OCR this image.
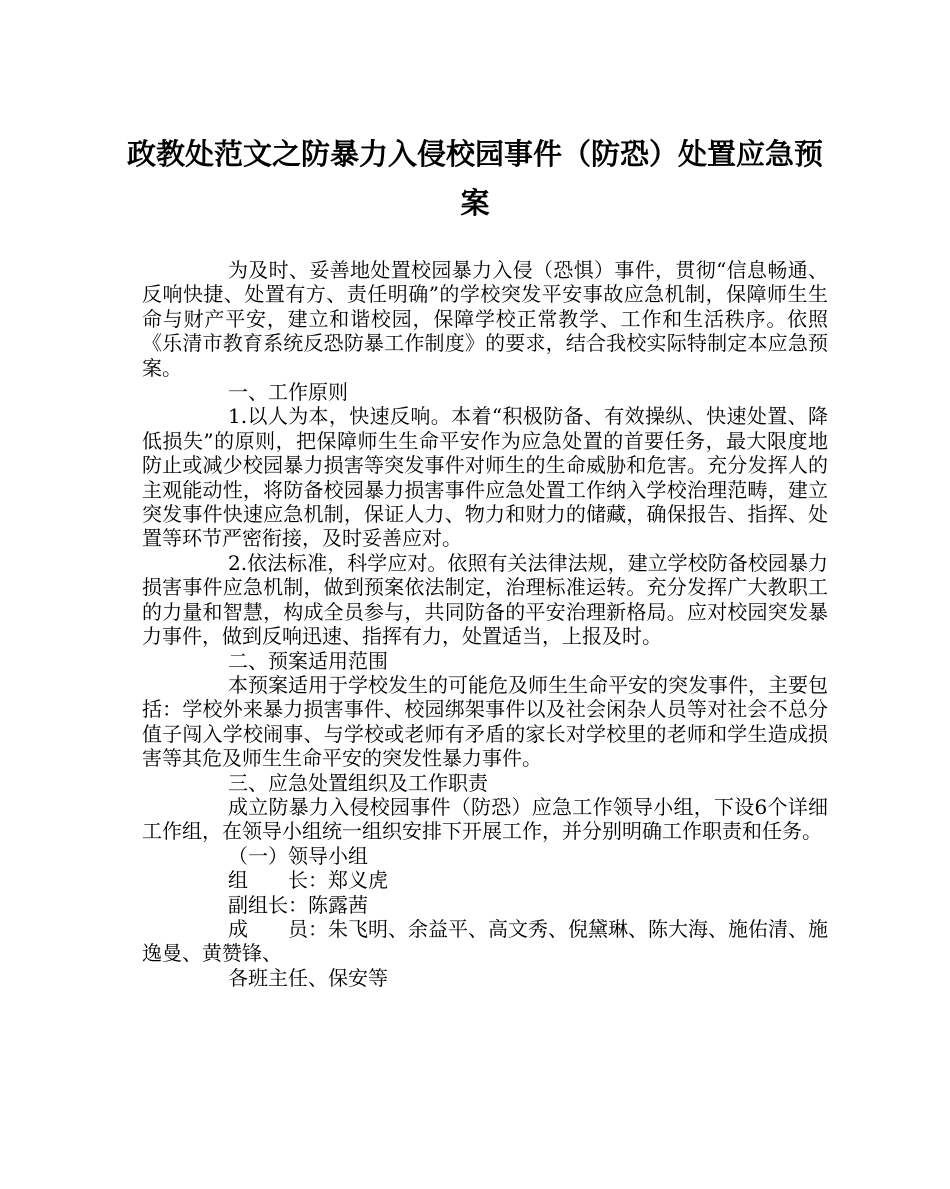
政教处范文之防暴力入侵校园事件（防恐）处置应急预案

为及时、妥善地处置校园暴力入侵（恐惧）事件，贯彻“信息畅通、反响快捷、处置有方、责任明确”的学校突发平安事故应急机制，保障师生生命与财产平安，建立和谐校园，保障学校正常教学、工作和生活秩序。依照《乐清市教育系统反恐防暴工作制度》的要求，结合我校实际特制定本应急预案。

一、工作原则

1.以人为本，快速反响。本着“积极防备、有效操纵、快速处置、降低损失”的原则，把保障师生生命平安作为应急处置的首要任务，最大限度地防止或减少校园暴力损害等突发事件对师生的生命威胁和危害。充分发挥人的主观能动性，将防备校园暴力损害事件应急处置工作纳入学校治理范畴，建立突发事件快速应急机制，保证人力、物力和财力的储藏，确保报告、指挥、处置等环节严密衔接，及时妥善应对。

2.依法标准，科学应对。依照有关法律法规，建立学校防备校园暴力损害事件应急机制，做到预案依法制定，治理标准运转。充分发挥广大教职工的力量和智慧，构成全员参与，共同防备的平安治理新格局。应对校园突发暴力事件，做到反响迅速、指挥有力，处置适当，上报及时。

二、预案适用范围

本预案适用于学校发生的可能危及师生生命平安的突发事件，主要包括：学校外来暴力损害事件、校园绑架事件以及社会闲杂人员等对社会不总分值子闯入学校闹事、与学校或老师有矛盾的家长对学校里的老师和学生造成损害等其危及师生生命平安的突发性暴力事件。

三、应急处置组织及工作职责

成立防暴力入侵校园事件（防恐）应急工作领导小组，下设6个详细工作组，在领导小组统一组织安排下开展工作，并分别明确工作职责和任务。

（一）领导小组

组　　长：郑义虎

副组长：陈露茜

成　　员：朱飞明、余益平、高文秀、倪黛琳、陈大海、施佑清、施逸曼、黄赞锋、

各班主任、保安等
